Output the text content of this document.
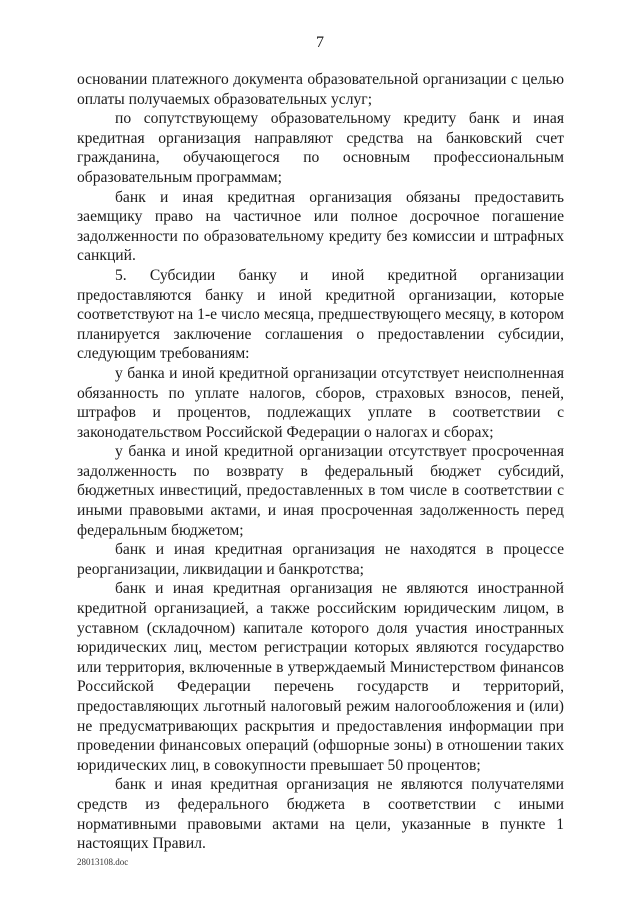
7

основании платежного документа образовательной организации с целью оплаты получаемых образовательных услуг;

по сопутствующему образовательному кредиту банк и иная кредитная организация направляют средства на банковский счет гражданина, обучающегося по основным профессиональным образовательным программам;

банк и иная кредитная организация обязаны предоставить заемщику право на частичное или полное досрочное погашение задолженности по образовательному кредиту без комиссии и штрафных санкций.

5. Субсидии банку и иной кредитной организации предоставляются банку и иной кредитной организации, которые соответствуют на 1-е число месяца, предшествующего месяцу, в котором планируется заключение соглашения о предоставлении субсидии, следующим требованиям:

у банка и иной кредитной организации отсутствует неисполненная обязанность по уплате налогов, сборов, страховых взносов, пеней, штрафов и процентов, подлежащих уплате в соответствии с законодательством Российской Федерации о налогах и сборах;

у банка и иной кредитной организации отсутствует просроченная задолженность по возврату в федеральный бюджет субсидий, бюджетных инвестиций, предоставленных в том числе в соответствии с иными правовыми актами, и иная просроченная задолженность перед федеральным бюджетом;

банк и иная кредитная организация не находятся в процессе реорганизации, ликвидации и банкротства;

банк и иная кредитная организация не являются иностранной кредитной организацией, а также российским юридическим лицом, в уставном (складочном) капитале которого доля участия иностранных юридических лиц, местом регистрации которых являются государство или территория, включенные в утверждаемый Министерством финансов Российской Федерации перечень государств и территорий, предоставляющих льготный налоговый режим налогообложения и (или) не предусматривающих раскрытия и предоставления информации при проведении финансовых операций (офшорные зоны) в отношении таких юридических лиц, в совокупности превышает 50 процентов;

банк и иная кредитная организация не являются получателями средств из федерального бюджета в соответствии с иными нормативными правовыми актами на цели, указанные в пункте 1 настоящих Правил.

28013108.doc
